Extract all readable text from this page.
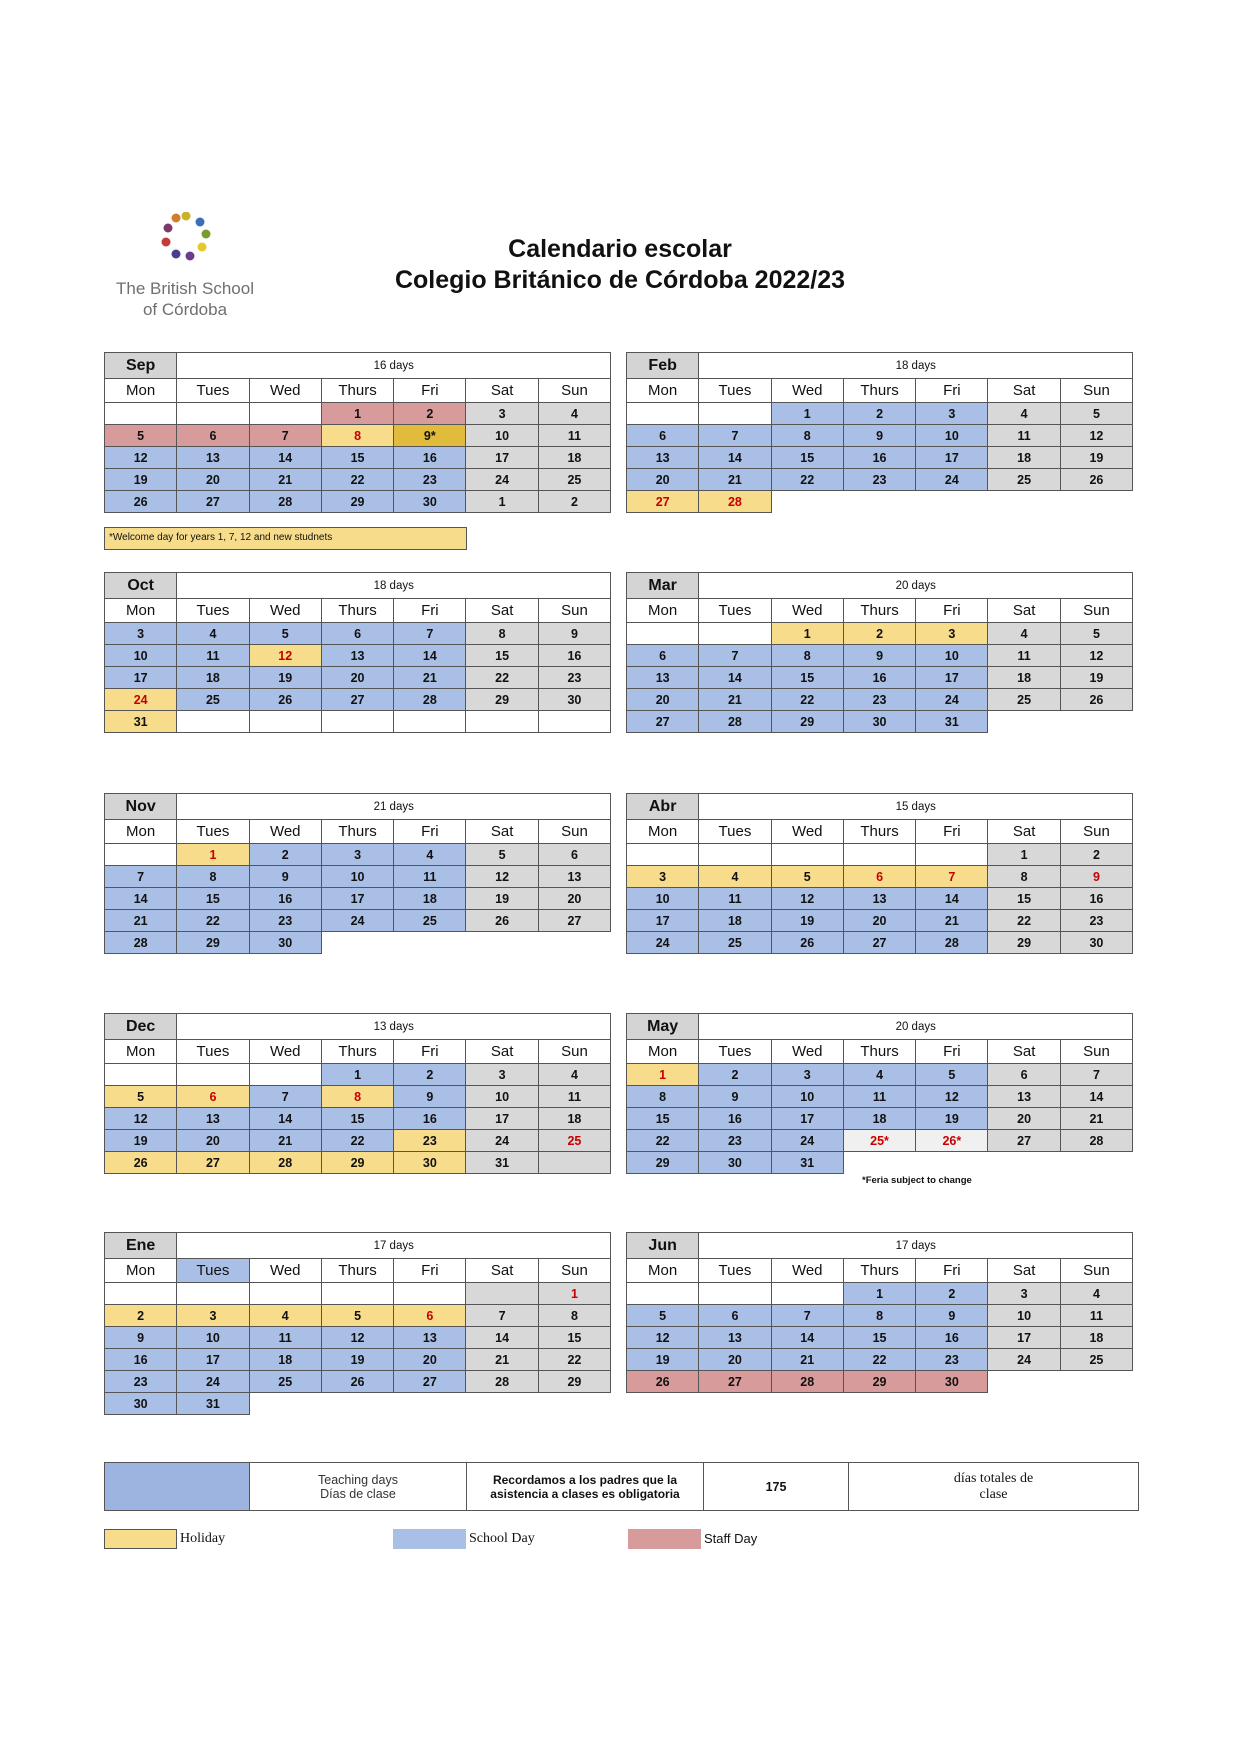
The British School
of Córdoba
Calendario escolar
Colegio Británico de Córdoba 2022/23
Sep	16 days					
Mon	Tues	Wed	Thurs	Fri	Sat	Sun
			1	2	3	4
5	6	7	8	9*	10	11
12	13	14	15	16	17	18
19	20	21	22	23	24	25
26	27	28	29	30	1	2
Feb	18 days					
Mon	Tues	Wed	Thurs	Fri	Sat	Sun
		1	2	3	4	5
6	7	8	9	10	11	12
13	14	15	16	17	18	19
20	21	22	23	24	25	26
27	28					
Oct	18 days					
Mon	Tues	Wed	Thurs	Fri	Sat	Sun
3	4	5	6	7	8	9
10	11	12	13	14	15	16
17	18	19	20	21	22	23
24	25	26	27	28	29	30
31						
Mar	20 days					
Mon	Tues	Wed	Thurs	Fri	Sat	Sun
		1	2	3	4	5
6	7	8	9	10	11	12
13	14	15	16	17	18	19
20	21	22	23	24	25	26
27	28	29	30	31		
Nov	21 days					
Mon	Tues	Wed	Thurs	Fri	Sat	Sun
	1	2	3	4	5	6
7	8	9	10	11	12	13
14	15	16	17	18	19	20
21	22	23	24	25	26	27
28	29	30				
Abr	15 days					
Mon	Tues	Wed	Thurs	Fri	Sat	Sun
					1	2
3	4	5	6	7	8	9
10	11	12	13	14	15	16
17	18	19	20	21	22	23
24	25	26	27	28	29	30
Dec	13 days					
Mon	Tues	Wed	Thurs	Fri	Sat	Sun
			1	2	3	4
5	6	7	8	9	10	11
12	13	14	15	16	17	18
19	20	21	22	23	24	25
26	27	28	29	30	31	
May	20 days					
Mon	Tues	Wed	Thurs	Fri	Sat	Sun
1	2	3	4	5	6	7
8	9	10	11	12	13	14
15	16	17	18	19	20	21
22	23	24	25*	26*	27	28
29	30	31				
Ene	17 days					
Mon	Tues	Wed	Thurs	Fri	Sat	Sun
						1
2	3	4	5	6	7	8
9	10	11	12	13	14	15
16	17	18	19	20	21	22
23	24	25	26	27	28	29
30	31					
Jun	17 days					
Mon	Tues	Wed	Thurs	Fri	Sat	Sun
			1	2	3	4
5	6	7	8	9	10	11
12	13	14	15	16	17	18
19	20	21	22	23	24	25
26	27	28	29	30		
*Welcome day for years 1, 7, 12 and new studnets
*Feria subject to change

Teaching days
Días de clase

Recordamos a los padres que la
asistencia a clases es obligatoria	175	
días totales de
clase
Holiday	School Day	Staff Day
